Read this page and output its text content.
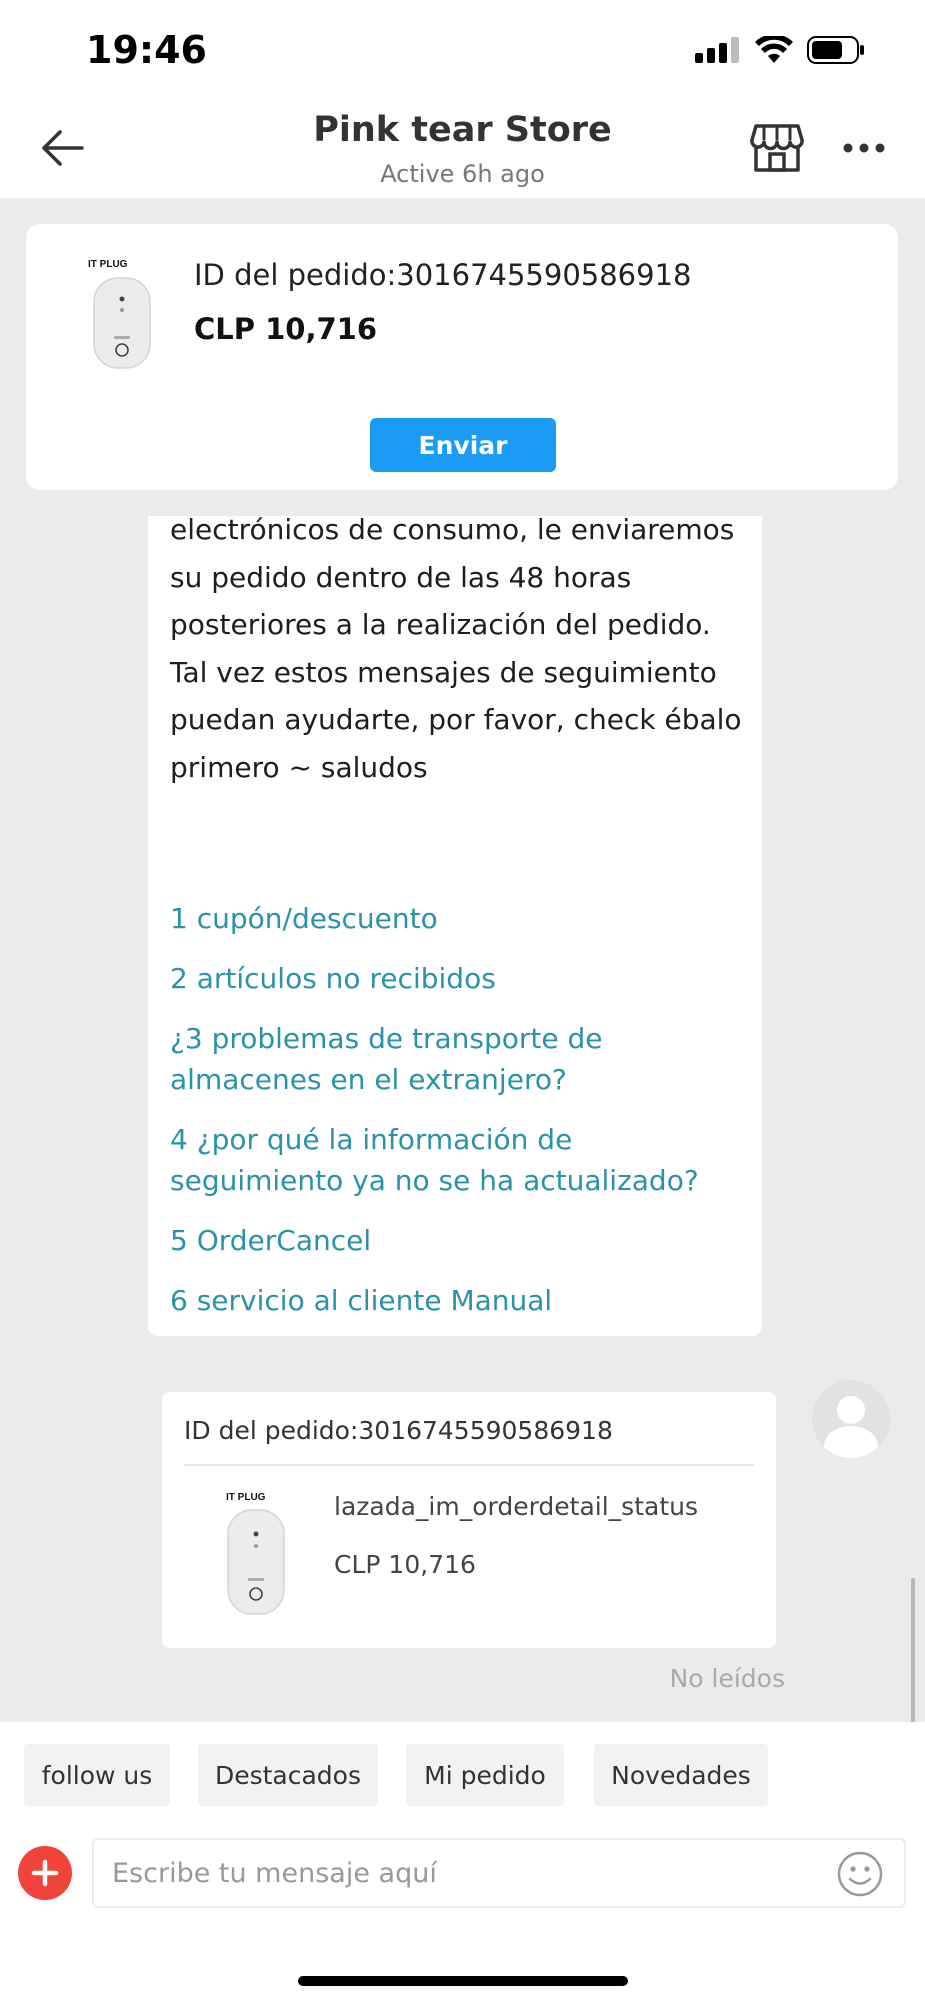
19:46
Pink tear Store
Active 6h ago
IT PLUG ID del pedido:3016745590586918
CLP 10,716
Enviar
electrónicos de consumo, le enviaremos su pedido dentro de las 48 horas posteriores a la realización del pedido. Tal vez estos mensajes de seguimiento puedan ayudarte, por favor, check ébalo primero ~ saludos
1 cupón/descuento
2 artículos no recibidos
¿3 problemas de transporte de almacenes en el extranjero?
4 ¿por qué la información de seguimiento ya no se ha actualizado?
5 OrderCancel
6 servicio al cliente Manual
ID del pedido:3016745590586918
IT PLUG	lazada_im_orderdetail_status
CLP 10,716
No leídos
follow us	Destacados	Mi pedido	Novedades
Escribe tu mensaje aquí
